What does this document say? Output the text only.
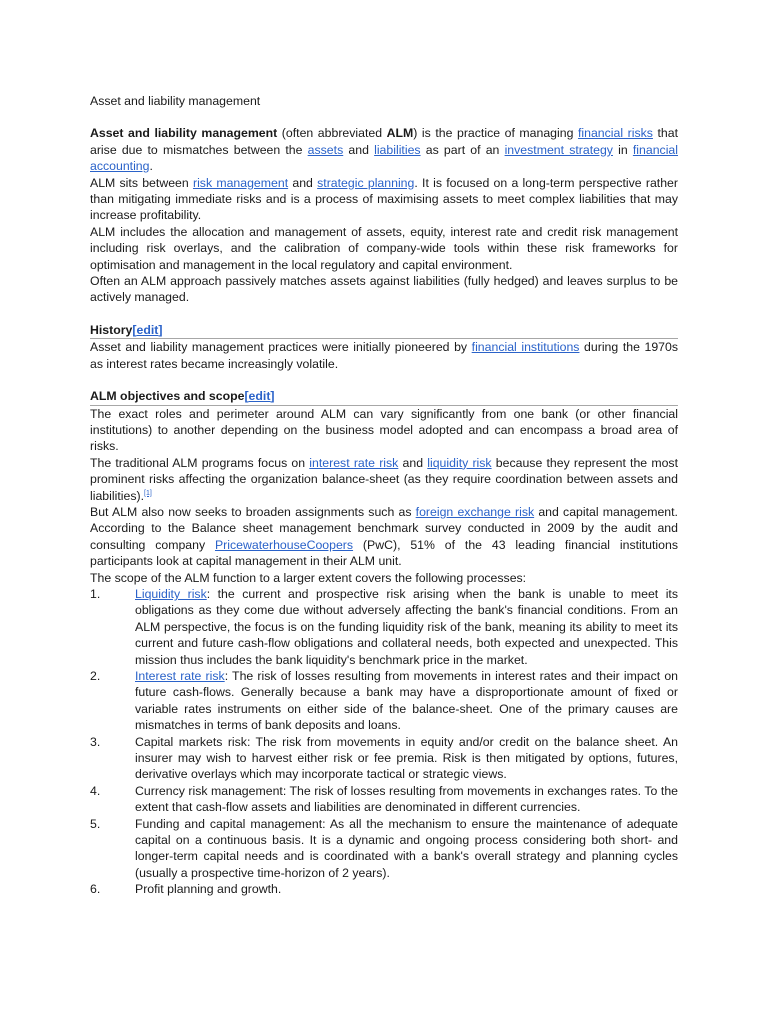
Asset and liability management

Asset and liability management (often abbreviated ALM) is the practice of managing financial risks that arise due to mismatches between the assets and liabilities as part of an investment strategy in financial accounting.

ALM sits between risk management and strategic planning. It is focused on a long-term perspective rather than mitigating immediate risks and is a process of maximising assets to meet complex liabilities that may increase profitability.

ALM includes the allocation and management of assets, equity, interest rate and credit risk management including risk overlays, and the calibration of company-wide tools within these risk frameworks for optimisation and management in the local regulatory and capital environment.

Often an ALM approach passively matches assets against liabilities (fully hedged) and leaves surplus to be actively managed.

History[edit]

Asset and liability management practices were initially pioneered by financial institutions during the 1970s as interest rates became increasingly volatile.

ALM objectives and scope[edit]

The exact roles and perimeter around ALM can vary significantly from one bank (or other financial institutions) to another depending on the business model adopted and can encompass a broad area of risks.

The traditional ALM programs focus on interest rate risk and liquidity risk because they represent the most prominent risks affecting the organization balance-sheet (as they require coordination between assets and liabilities).[1]

But ALM also now seeks to broaden assignments such as foreign exchange risk and capital management. According to the Balance sheet management benchmark survey conducted in 2009 by the audit and consulting company PricewaterhouseCoopers (PwC), 51% of the 43 leading financial institutions participants look at capital management in their ALM unit.

The scope of the ALM function to a larger extent covers the following processes:

1.	Liquidity risk: the current and prospective risk arising when the bank is unable to meet its obligations as they come due without adversely affecting the bank's financial conditions. From an ALM perspective, the focus is on the funding liquidity risk of the bank, meaning its ability to meet its current and future cash-flow obligations and collateral needs, both expected and unexpected. This mission thus includes the bank liquidity's benchmark price in the market.
2.	Interest rate risk: The risk of losses resulting from movements in interest rates and their impact on future cash-flows. Generally because a bank may have a disproportionate amount of fixed or variable rates instruments on either side of the balance-sheet. One of the primary causes are mismatches in terms of bank deposits and loans.
3.	Capital markets risk: The risk from movements in equity and/or credit on the balance sheet. An insurer may wish to harvest either risk or fee premia. Risk is then mitigated by options, futures, derivative overlays which may incorporate tactical or strategic views.
4.	Currency risk management: The risk of losses resulting from movements in exchanges rates. To the extent that cash-flow assets and liabilities are denominated in different currencies.
5.	Funding and capital management: As all the mechanism to ensure the maintenance of adequate capital on a continuous basis. It is a dynamic and ongoing process considering both short- and longer-term capital needs and is coordinated with a bank's overall strategy and planning cycles (usually a prospective time-horizon of 2 years).
6.	Profit planning and growth.
